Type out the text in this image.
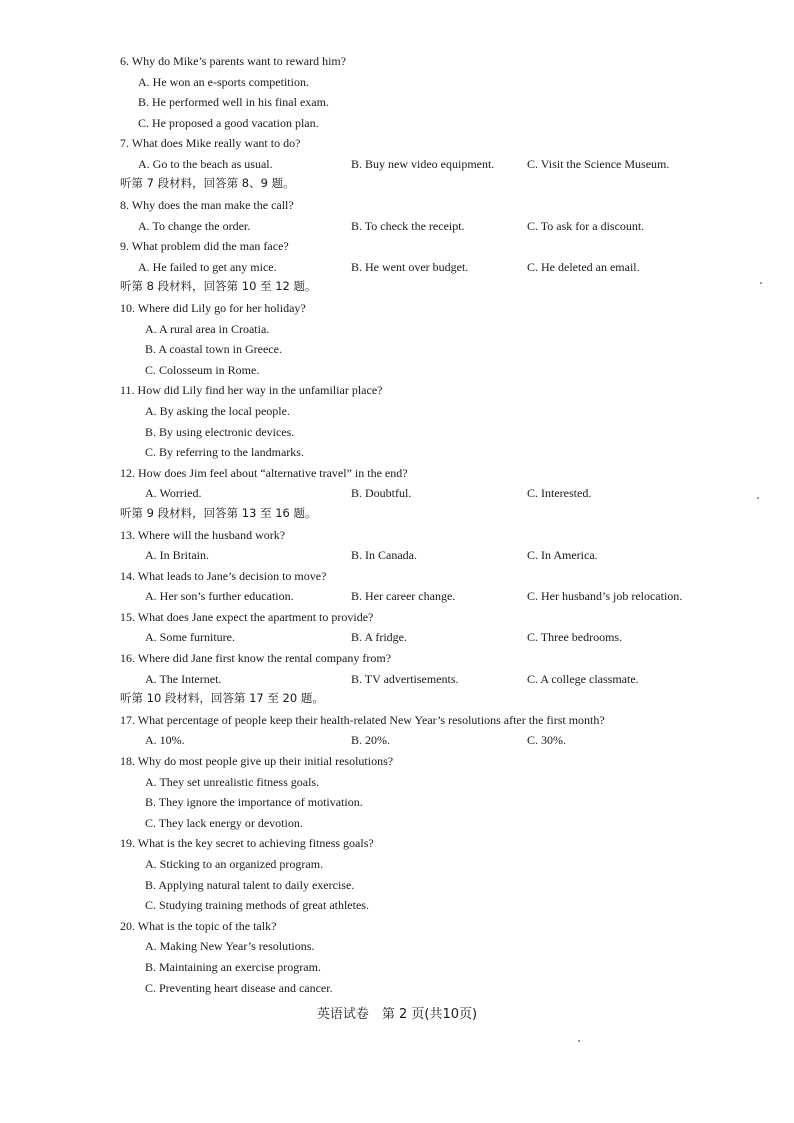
6. Why do Mike’s parents want to reward him?
A. He won an e-sports competition.
B. He performed well in his final exam.
C. He proposed a good vacation plan.
7. What does Mike really want to do?
A. Go to the beach as usual.	B. Buy new video equipment.	C. Visit the Science Museum.
听第 7 段材料，回答第 8、9 题。
8. Why does the man make the call?
A. To change the order.	B. To check the receipt.	C. To ask for a discount.
9. What problem did the man face?
A. He failed to get any mice.	B. He went over budget.	C. He deleted an email.
听第 8 段材料，回答第 10 至 12 题。
10. Where did Lily go for her holiday?
A. A rural area in Croatia.
B. A coastal town in Greece.
C. Colosseum in Rome.
11. How did Lily find her way in the unfamiliar place?
A. By asking the local people.
B. By using electronic devices.
C. By referring to the landmarks.
12. How does Jim feel about “alternative travel” in the end?
A. Worried.	B. Doubtful.	C. Interested.
听第 9 段材料，回答第 13 至 16 题。
13. Where will the husband work?
A. In Britain.	B. In Canada.	C. In America.
14. What leads to Jane’s decision to move?
A. Her son’s further education.	B. Her career change.	C. Her husband’s job relocation.
15. What does Jane expect the apartment to provide?
A. Some furniture.	B. A fridge.	C. Three bedrooms.
16. Where did Jane first know the rental company from?
A. The Internet.	B. TV advertisements.	C. A college classmate.
听第 10 段材料，回答第 17 至 20 题。
17. What percentage of people keep their health-related New Year’s resolutions after the first month?
A. 10%.	B. 20%.	C. 30%.
18. Why do most people give up their initial resolutions?
A. They set unrealistic fitness goals.
B. They ignore the importance of motivation.
C. They lack energy or devotion.
19. What is the key secret to achieving fitness goals?
A. Sticking to an organized program.
B. Applying natural talent to daily exercise.
C. Studying training methods of great athletes.
20. What is the topic of the talk?
A. Making New Year’s resolutions.
B. Maintaining an exercise program.
C. Preventing heart disease and cancer.
英语试卷　第 2 页(共10页)
